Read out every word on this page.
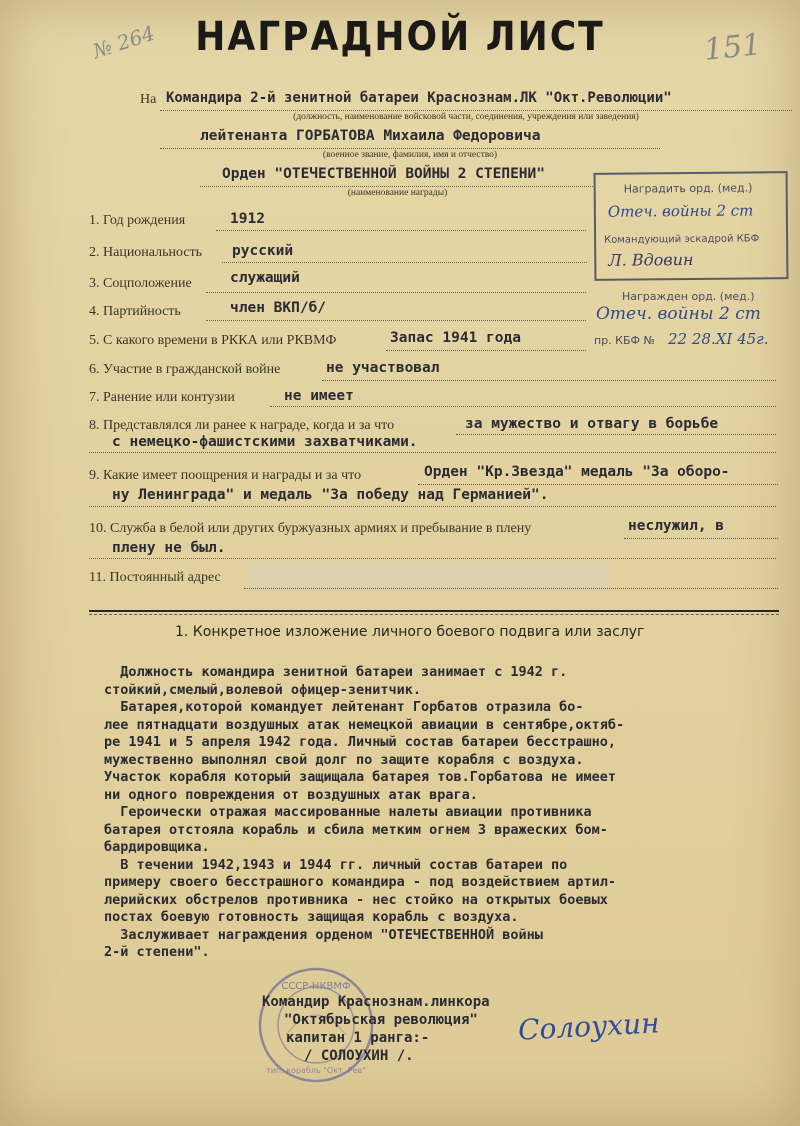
№ 264	151
НАГРАДНОЙ ЛИСТ
На Командира 2-й зенитной батареи Краснознам.ЛК "Окт.Революции"
(должность, наименование войсковой части, соединения, учреждения или заведения)
лейтенанта ГОРБАТОВА Михаила Федоровича
(военное звание, фамилия, имя и отчество)
Орден "ОТЕЧЕСТВЕННОЙ ВОЙНЫ 2 СТЕПЕНИ"
(наименование награды)	Наградить орд. (мед.)
Отеч. войны 2 ст
Командующий эскадрой КБФ
Л. Вдовин
Награжден орд. (мед.)
Отеч. войны 2 ст
пр. КБФ № 22 28.XI 45г.
1. Год рождения	1912
2. Национальность русский
3. Соцположение	служащий
4. Партийность	член ВКП/б/
5. С какого времени в РККА или РКВМФ	Запас 1941 года
6. Участие в гражданской войне	не участвовал
7. Ранение или контузии	не имеет
8. Представлялся ли ранее к награде, когда и за что	за мужество и отвагу в борьбе
с немецко-фашистскими захватчиками.
9. Какие имеет поощрения и награды и за что	Орден "Кр.Звезда" медаль "За оборо-
ну Ленинграда" и медаль "За победу над Германией".
10. Служба в белой или других буржуазных армиях и пребывание в плену	неслужил, в
плену не был.
11. Постоянный адрес
1. Конкретное изложение личного боевого подвига или заслуг
Должность командира зенитной батареи занимает с 1942 г.
стойкий,смелый,волевой офицер-зенитчик.
Батарея,которой командует лейтенант Горбатов отразила бо-
лее пятнадцати воздушных атак немецкой авиации в сентябре,октяб-
ре 1941 и 5 апреля 1942 года. Личный состав батареи бесстрашно,
мужественно выполнял свой долг по защите корабля с воздуха.
Участок корабля который защищала батарея тов.Горбатова не имеет
ни одного повреждения от воздушных атак врага.
Героически отражая массированные налеты авиации противника
батарея отстояла корабль и сбила метким огнем 3 вражеских бом-
бардировщика.
В течении 1942,1943 и 1944 гг. личный состав батареи по
примеру своего бесстрашного командира - под воздействием артил-
лерийских обстрелов противника - нес стойко на открытых боевых
постах боевую готовность защищая корабль с воздуха.
Заслуживает награждения орденом "ОТЕЧЕСТВЕННОЙ войны
2-й степени".
СССР-НКВМФ
тип. корабль "Окт. Рев"
Командир Краснознам.линкора
"Октябрьская революция"
капитан 1 ранга:-
/ СОЛОУХИН /.
Солоухин
